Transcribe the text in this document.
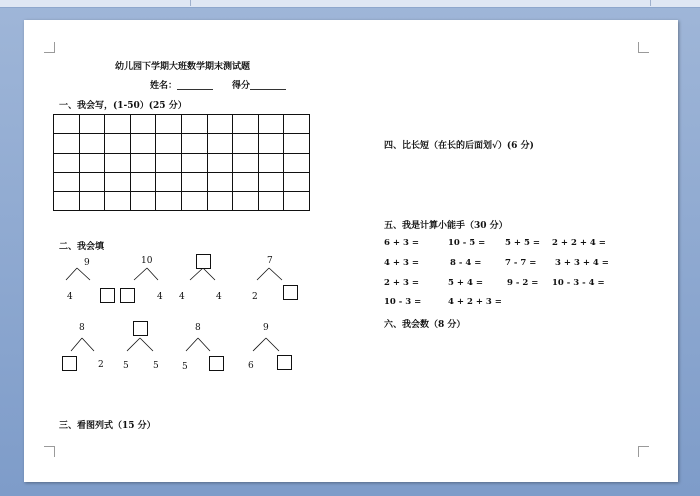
幼儿园下学期大班数学期末测试题
姓名：________ 得分________
一、我会写，(1-50）(25 分）

二、我会填
9
4
10
4 4	4
7
2
8
2 5	5
8
5
9
6
三、看图列式（15 分）
四、比长短（在长的后面划√）(6 分)
五、我是计算小能手（30 分）
6 + 3 =	10 - 5 = 5 + 5 = 2 + 2 + 4 =
4 + 3 =	8 - 4 =	7 - 7 = 3 + 3 + 4 =
2 + 3 =	5 + 4 =	9 - 2 = 10 - 3 - 4 =
10 - 3 =	4 + 2 + 3 =
六、我会数（8 分）
